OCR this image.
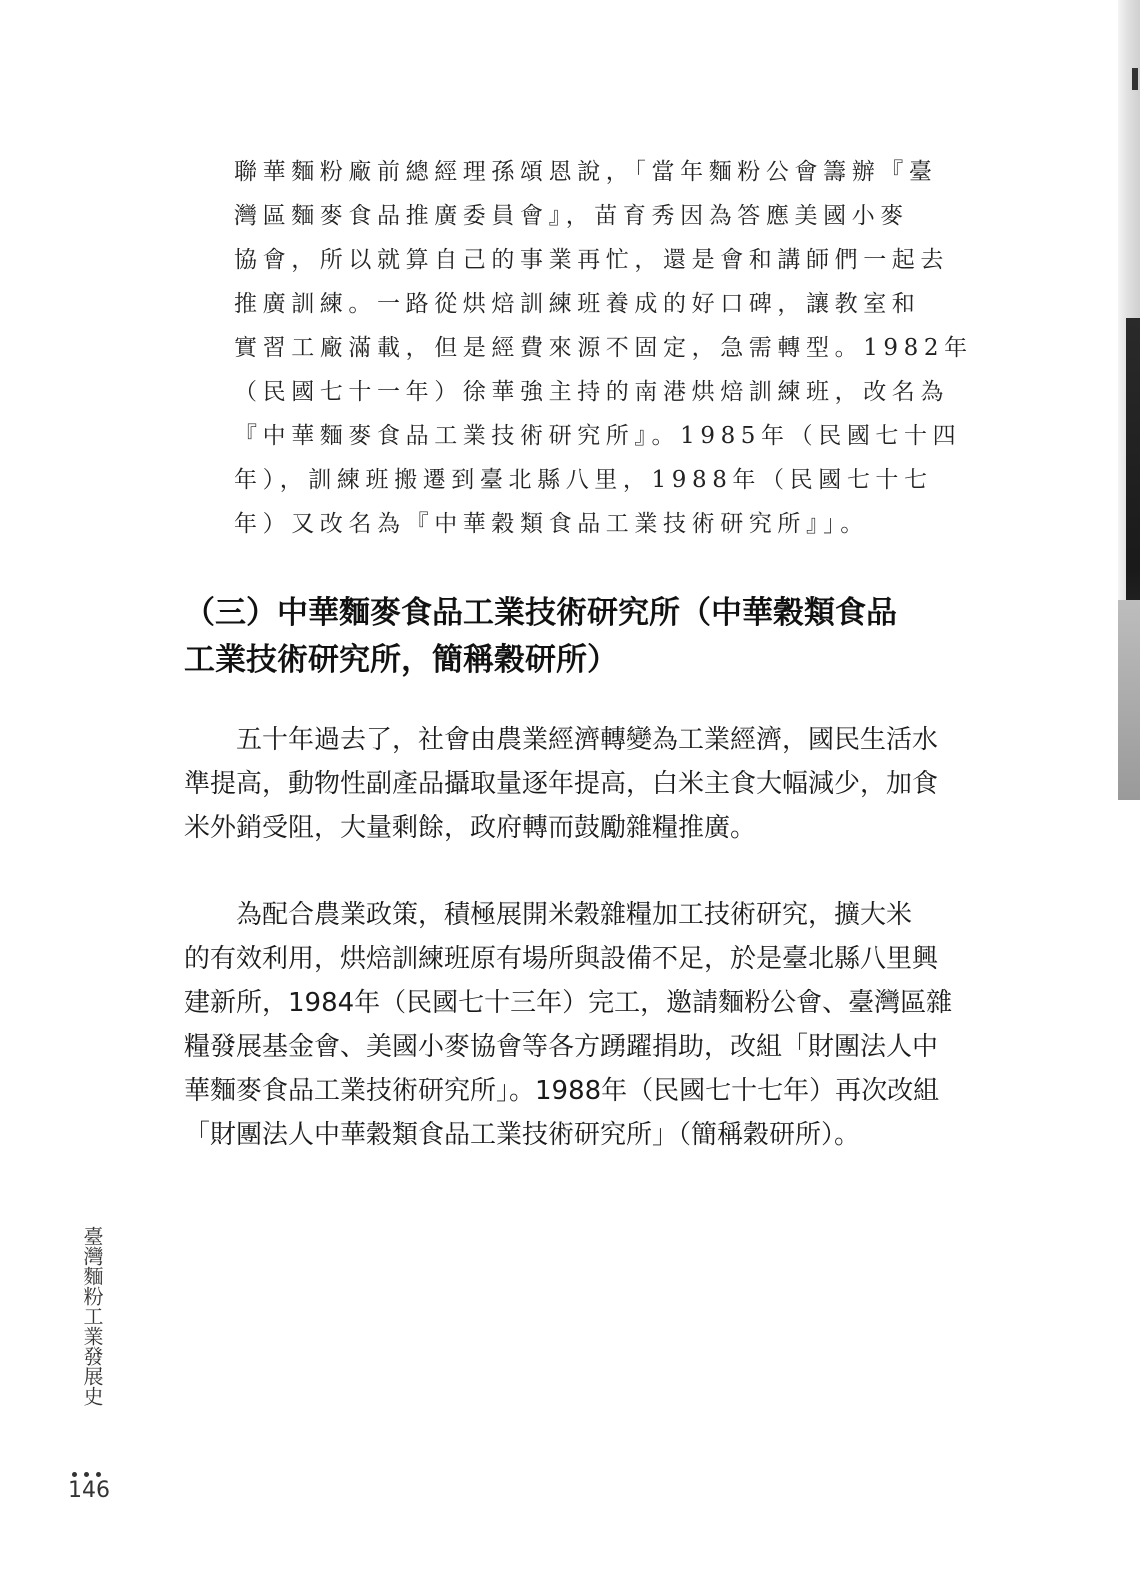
聯華麵粉廠前總經理孫頌恩說，「當年麵粉公會籌辦『臺
灣區麵麥食品推廣委員會』，苗育秀因為答應美國小麥
協會，所以就算自己的事業再忙，還是會和講師們一起去
推廣訓練。一路從烘焙訓練班養成的好口碑，讓教室和
實習工廠滿載，但是經費來源不固定，急需轉型。1982年
（民國七十一年）徐華強主持的南港烘焙訓練班，改名為
『中華麵麥食品工業技術研究所』。1985年（民國七十四
年），訓練班搬遷到臺北縣八里，1988年（民國七十七
年）又改名為『中華穀類食品工業技術研究所』」。
（三）中華麵麥食品工業技術研究所（中華穀類食品
工業技術研究所，簡稱穀研所）
　　五十年過去了，社會由農業經濟轉變為工業經濟，國民生活水
準提高，動物性副產品攝取量逐年提高，白米主食大幅減少，加食
米外銷受阻，大量剩餘，政府轉而鼓勵雜糧推廣。
　　為配合農業政策，積極展開米穀雜糧加工技術研究，擴大米
的有效利用，烘焙訓練班原有場所與設備不足，於是臺北縣八里興
建新所，1984年（民國七十三年）完工，邀請麵粉公會、臺灣區雜
糧發展基金會、美國小麥協會等各方踴躍捐助，改組「財團法人中
華麵麥食品工業技術研究所」。1988年（民國七十七年）再次改組
「財團法人中華穀類食品工業技術研究所」（簡稱穀研所）。
臺灣麵粉工業發展史
146
